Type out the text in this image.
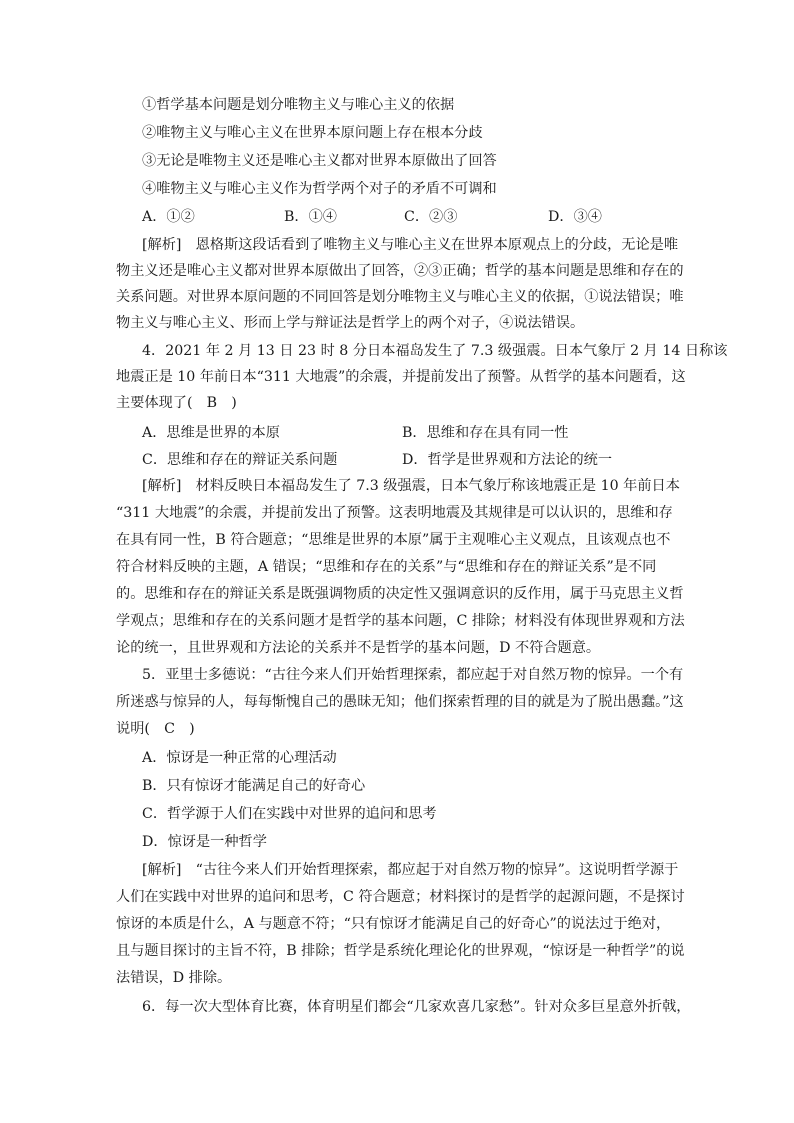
①哲学基本问题是划分唯物主义与唯心主义的依据
②唯物主义与唯心主义在世界本原问题上存在根本分歧
③无论是唯物主义还是唯心主义都对世界本原做出了回答
④唯物主义与唯心主义作为哲学两个对子的矛盾不可调和
A．①②	B．①④	C．②③	D．③④
[解析]　恩格斯这段话看到了唯物主义与唯心主义在世界本原观点上的分歧，无论是唯
物主义还是唯心主义都对世界本原做出了回答，②③正确；哲学的基本问题是思维和存在的
关系问题。对世界本原问题的不同回答是划分唯物主义与唯心主义的依据，①说法错误；唯
物主义与唯心主义、形而上学与辩证法是哲学上的两个对子，④说法错误。
4．2021 年 2 月 13 日 23 时 8 分日本福岛发生了 7.3 级强震。日本气象厅 2 月 14 日称该
地震正是 10 年前日本“311 大地震”的余震，并提前发出了预警。从哲学的基本问题看，这
主要体现了(　B　)
A．思维是世界的本原	B．思维和存在具有同一性
C．思维和存在的辩证关系问题	D．哲学是世界观和方法论的统一
[解析]　材料反映日本福岛发生了 7.3 级强震，日本气象厅称该地震正是 10 年前日本
“311 大地震”的余震，并提前发出了预警。这表明地震及其规律是可以认识的，思维和存
在具有同一性，B 符合题意；“思维是世界的本原”属于主观唯心主义观点，且该观点也不
符合材料反映的主题，A 错误；“思维和存在的关系”与“思维和存在的辩证关系”是不同
的。思维和存在的辩证关系是既强调物质的决定性又强调意识的反作用，属于马克思主义哲
学观点；思维和存在的关系问题才是哲学的基本问题，C 排除；材料没有体现世界观和方法
论的统一，且世界观和方法论的关系并不是哲学的基本问题，D 不符合题意。
5．亚里士多德说：“古往今来人们开始哲理探索，都应起于对自然万物的惊异。一个有
所迷惑与惊异的人，每每惭愧自己的愚昧无知；他们探索哲理的目的就是为了脱出愚蠢。”这
说明(　C　)
A．惊讶是一种正常的心理活动
B．只有惊讶才能满足自己的好奇心
C．哲学源于人们在实践中对世界的追问和思考
D．惊讶是一种哲学
[解析]　“古往今来人们开始哲理探索，都应起于对自然万物的惊异”。这说明哲学源于
人们在实践中对世界的追问和思考，C 符合题意；材料探讨的是哲学的起源问题，不是探讨
惊讶的本质是什么，A 与题意不符；“只有惊讶才能满足自己的好奇心”的说法过于绝对，
且与题目探讨的主旨不符，B 排除；哲学是系统化理论化的世界观，“惊讶是一种哲学”的说
法错误，D 排除。
6．每一次大型体育比赛，体育明星们都会“几家欢喜几家愁”。针对众多巨星意外折戟，
